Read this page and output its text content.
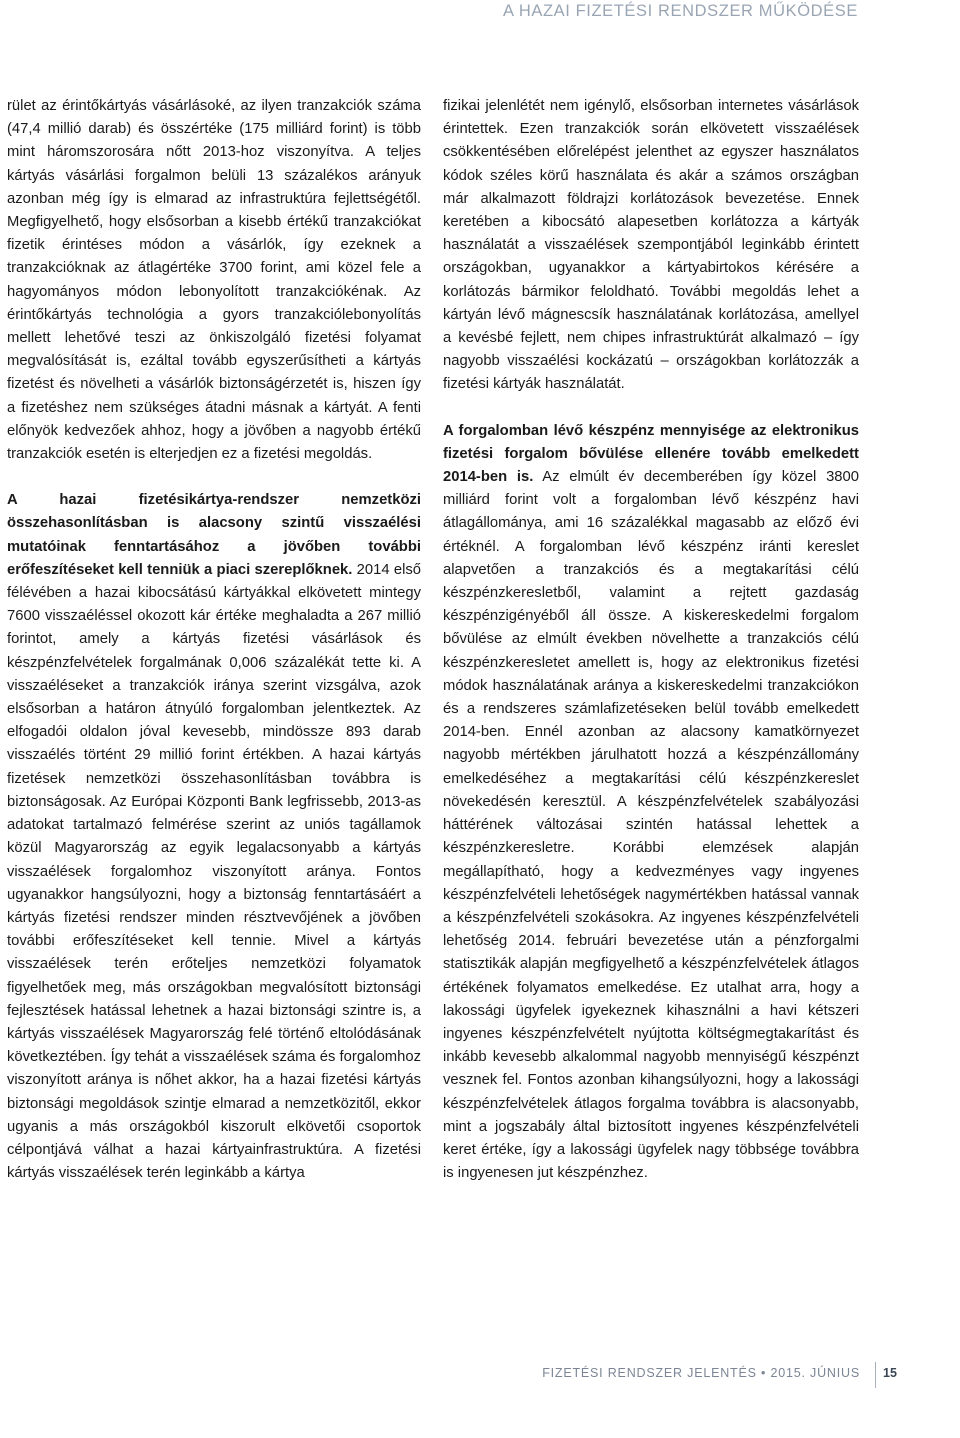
A HAZAI FIZETÉSI RENDSZER MŰKÖDÉSE

rület az érintőkártyás vásárlásoké, az ilyen tranzakciók száma (47,4 millió darab) és összértéke (175 milliárd forint) is több mint háromszorosára nőtt 2013-hoz viszonyítva. A teljes kártyás vásárlási forgalmon belüli 13 százalékos arányuk azonban még így is elmarad az infrastruktúra fejlettségétől. Megfigyelhető, hogy elsősorban a kisebb értékű tranzakciókat fizetik érintéses módon a vásárlók, így ezeknek a tranzakcióknak az átlagértéke 3700 forint, ami közel fele a hagyományos módon lebonyolított tranzakciókénak. Az érintőkártyás technológia a gyors tranzakciólebonyolítás mellett lehetővé teszi az önkiszolgáló fizetési folyamat megvalósítását is, ezáltal tovább egyszerűsítheti a kártyás fizetést és növelheti a vásárlók biztonságérzetét is, hiszen így a fizetéshez nem szükséges átadni másnak a kártyát. A fenti előnyök kedvezőek ahhoz, hogy a jövőben a nagyobb értékű tranzakciók esetén is elterjedjen ez a fizetési megoldás.

A hazai fizetésikártya-rendszer nemzetközi összehasonlításban is alacsony szintű visszaélési mutatóinak fenntartásához a jövőben további erőfeszítéseket kell tenniük a piaci szereplőknek. 2014 első félévében a hazai kibocsátású kártyákkal elkövetett mintegy 7600 visszaéléssel okozott kár értéke meghaladta a 267 millió forintot, amely a kártyás fizetési vásárlások és készpénzfelvételek forgalmának 0,006 százalékát tette ki. A visszaéléseket a tranzakciók iránya szerint vizsgálva, azok elsősorban a határon átnyúló forgalomban jelentkeztek. Az elfogadói oldalon jóval kevesebb, mindössze 893 darab visszaélés történt 29 millió forint értékben. A hazai kártyás fizetések nemzetközi összehasonlításban továbbra is biztonságosak. Az Európai Központi Bank legfrissebb, 2013-as adatokat tartalmazó felmérése szerint az uniós tagállamok közül Magyarország az egyik legalacsonyabb a kártyás visszaélések forgalomhoz viszonyított aránya. Fontos ugyanakkor hangsúlyozni, hogy a biztonság fenntartásáért a kártyás fizetési rendszer minden résztvevőjének a jövőben további erőfeszítéseket kell tennie. Mivel a kártyás visszaélések terén erőteljes nemzetközi folyamatok figyelhetőek meg, más országokban megvalósított biztonsági fejlesztések hatással lehetnek a hazai biztonsági szintre is, a kártyás visszaélések Magyarország felé történő eltolódásának következtében. Így tehát a visszaélések száma és forgalomhoz viszonyított aránya is nőhet akkor, ha a hazai fizetési kártyás biztonsági megoldások szintje elmarad a nemzetközitől, ekkor ugyanis a más országokból kiszorult elkövetői csoportok célpontjává válhat a hazai kártyainfrastruktúra. A fizetési kártyás visszaélések terén leginkább a kártya

fizikai jelenlétét nem igénylő, elsősorban internetes vásárlások érintettek. Ezen tranzakciók során elkövetett visszaélések csökkentésében előrelépést jelenthet az egyszer használatos kódok széles körű használata és akár a számos országban már alkalmazott földrajzi korlátozások bevezetése. Ennek keretében a kibocsátó alapesetben korlátozza a kártyák használatát a visszaélések szempontjából leginkább érintett országokban, ugyanakkor a kártyabirtokos kérésére a korlátozás bármikor feloldható. További megoldás lehet a kártyán lévő mágnescsík használatának korlátozása, amellyel a kevésbé fejlett, nem chipes infrastruktúrát alkalmazó – így nagyobb visszaélési kockázatú – országokban korlátozzák a fizetési kártyák használatát.

A forgalomban lévő készpénz mennyisége az elektronikus fizetési forgalom bővülése ellenére tovább emelkedett 2014-ben is. Az elmúlt év decemberében így közel 3800 milliárd forint volt a forgalomban lévő készpénz havi átlagállománya, ami 16 százalékkal magasabb az előző évi értéknél. A forgalomban lévő készpénz iránti kereslet alapvetően a tranzakciós és a megtakarítási célú készpénzkeresletből, valamint a rejtett gazdaság készpénzigényéből áll össze. A kiskereskedelmi forgalom bővülése az elmúlt években növelhette a tranzakciós célú készpénzkeresletet amellett is, hogy az elektronikus fizetési módok használatának aránya a kiskereskedelmi tranzakciókon és a rendszeres számlafizetéseken belül tovább emelkedett 2014-ben. Ennél azonban az alacsony kamatkörnyezet nagyobb mértékben járulhatott hozzá a készpénzállomány emelkedéséhez a megtakarítási célú készpénzkereslet növekedésén keresztül. A készpénzfelvételek szabályozási háttérének változásai szintén hatással lehettek a készpénzkeresletre. Korábbi elemzések alapján megállapítható, hogy a kedvezményes vagy ingyenes készpénzfelvételi lehetőségek nagymértékben hatással vannak a készpénzfelvételi szokásokra. Az ingyenes készpénzfelvételi lehetőség 2014. februári bevezetése után a pénzforgalmi statisztikák alapján megfigyelhető a készpénzfelvételek átlagos értékének folyamatos emelkedése. Ez utalhat arra, hogy a lakossági ügyfelek igyekeznek kihasználni a havi kétszeri ingyenes készpénzfelvételt nyújtotta költségmegtakarítást és inkább kevesebb alkalommal nagyobb mennyiségű készpénzt vesznek fel. Fontos azonban kihangsúlyozni, hogy a lakossági készpénzfelvételek átlagos forgalma továbbra is alacsonyabb, mint a jogszabály által biztosított ingyenes készpénzfelvételi keret értéke, így a lakossági ügyfelek nagy többsége továbbra is ingyenesen jut készpénzhez.

FIZETÉSI RENDSZER JELENTÉS • 2015. JÚNIUS 15
